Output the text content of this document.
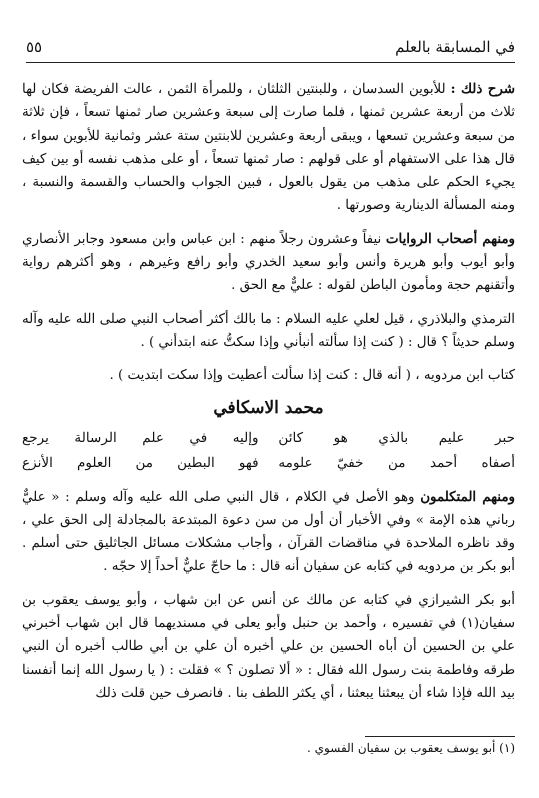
في المسابقة بالعلم
٥٥

شرح ذلك : للأبوين السدسان ، وللبنتين الثلثان ، وللمرأة الثمن ، عالت الفريضة فكان لها ثلاث من أربعة عشرين ثمنها ، فلما صارت إلى سبعة وعشرين صار ثمنها تسعاً ، فإن ثلاثة من سبعة وعشرين تسعها ، ويبقى أربعة وعشرين للابنتين ستة عشر وثمانية للأبوين سواء ، قال هذا على الاستفهام أو على قولهم : صار ثمنها تسعاً ، أو على مذهب نفسه أو بين كيف يجيء الحكم على مذهب من يقول بالعول ، فبين الجواب والحساب والقسمة والنسبة ، ومنه المسألة الدينارية وصورتها .

ومنهم أصحاب الروايات نيفاً وعشرون رجلاً منهم : ابن عباس وابن مسعود وجابر الأنصاري وأبو أيوب وأبو هريرة وأنس وأبو سعيد الخدري وأبو رافع وغيرهم ، وهو أكثرهم رواية وأتقنهم حجة ومأمون الباطن لقوله : عليٌّ مع الحق .

الترمذي والبلاذري ، قيل لعلي عليه السلام : ما بالك أكثر أصحاب النبي صلى الله عليه وآله وسلم حديثاً ؟ قال : ( كنت إذا سألته أنبأني وإذا سكتُّ عنه ابتدأني ) .

كتاب ابن مردويه ، ( أنه قال : كنت إذا سألت أعطيت وإذا سكت ابتديت ) .

محمد الاسكافي
حبر عليم بالذي هو كائن
وإليه في علم الرسالة يرجع
أصفاه أحمد من خفيّ علومه
فهو البطين من العلوم الأنزع

ومنهم المتكلمون وهو الأصل في الكلام ، قال النبي صلى الله عليه وآله وسلم : « عليٌّ رباني هذه الإمة » وفي الأخبار أن أول من سن دعوة المبتدعة بالمجادلة إلى الحق علي ، وقد ناظره الملاحدة في مناقضات القرآن ، وأجاب مشكلات مسائل الجاثليق حتى أسلم . أبو بكر بن مردويه في كتابه عن سفيان أنه قال : ما حاجّ عليٌّ أحداً إلا حجّه .

أبو بكر الشيرازي في كتابه عن مالك عن أنس عن ابن شهاب ، وأبو يوسف يعقوب بن سفيان(١) في تفسيره ، وأحمد بن حنبل وأبو يعلى في مسنديهما قال ابن شهاب أخبرني علي بن الحسين أن أباه الحسين بن علي أخبره أن علي بن أبي طالب أخبره أن النبي طرقه وفاطمة بنت رسول الله فقال : « ألا تصلون ؟ » فقلت : ( يا رسول الله إنما أنفسنا بيد الله فإذا شاء أن يبعثنا يبعثنا ، أي يكثر اللطف بنا . فانصرف حين قلت ذلك

(١) أبو يوسف يعقوب بن سفيان الفسوي .
